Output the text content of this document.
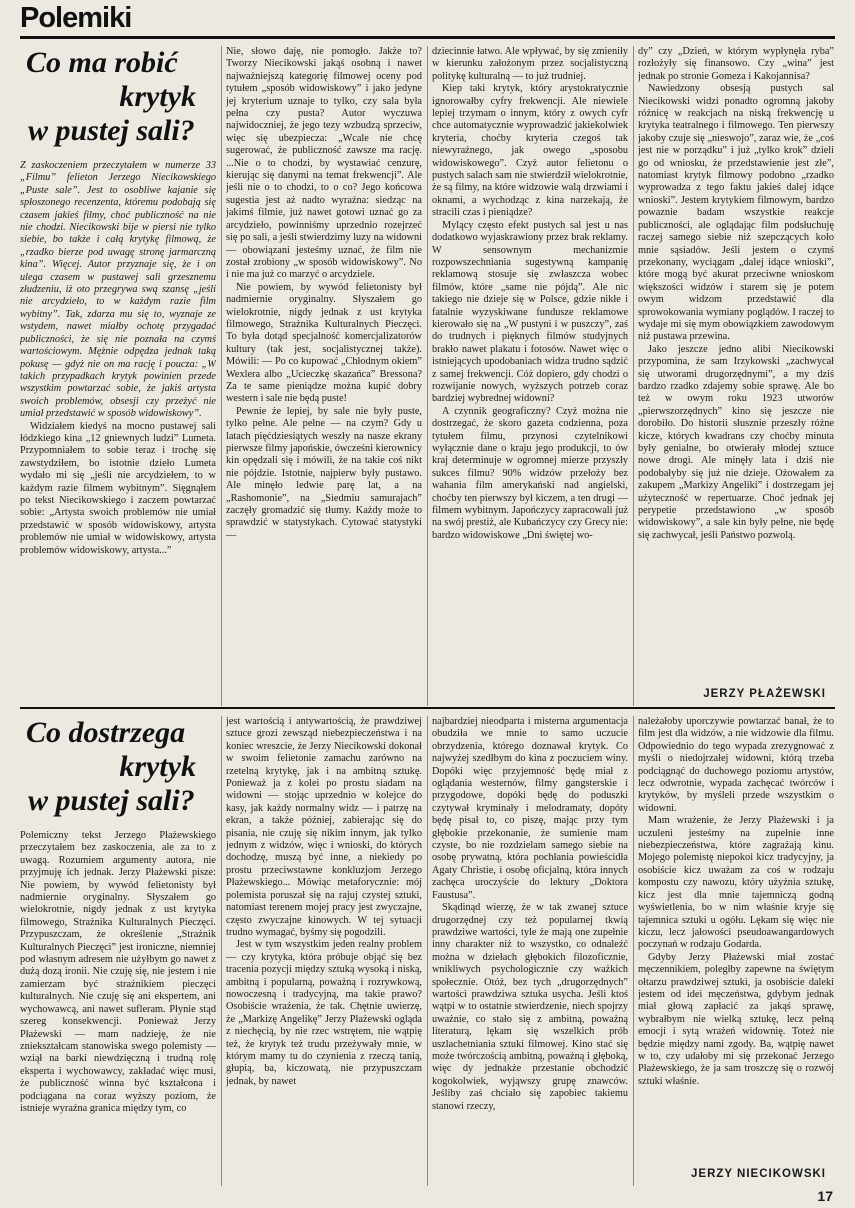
Polemiki
Co ma robić
krytyk
w pustej sali?

Z zaskoczeniem przeczytałem w numerze 33 „Filmu” felieton Jerzego Niecikowskiego „Puste sale”. Jest to osobliwe kajanie się spłoszonego recenzenta, któremu podobają się czasem jakieś filmy, choć publiczność na nie nie chodzi. Niecikowski bije w piersi nie tylko siebie, bo także i całą krytykę filmową, że „rzadko bierze pod uwagę stronę jarmarczną kina”. Więcej. Autor przyznaje się, że i on ulega czasem w pustawej sali grzesznemu złudzeniu, iż oto przegrywa swą szansę „jeśli nie arcydzieło, to w każdym razie film wybitny”. Tak, zdarza mu się to, wyznaje ze wstydem, nawet miałby ochotę przygadać publiczności, że się nie poznała na czymś wartościowym. Mężnie odpędza jednak taką pokusę — gdyż nie on ma rację i poucza: „W takich przypadkach krytyk powinien przede wszystkim powtarzać sobie, że jakiś artysta swoich problemów, obsesji czy przeżyć nie umiał przedstawić w sposób widowiskowy”.

Widziałem kiedyś na mocno pustawej sali łódzkiego kina „12 gniewnych ludzi” Lumeta. Przypomniałem to sobie teraz i trochę się zawstydziłem, bo istotnie dzieło Lumeta wydało mi się „jeśli nie arcydziełem, to w każdym razie filmem wybitnym”. Sięgnąłem po tekst Niecikowskiego i zaczem powtarzać sobie: „Artysta swoich problemów nie umiał przedstawić w sposób widowiskowy, artysta problemów nie umiał w widowiskowy, artysta problemów widowiskowy, artysta...”

Nie, słowo daję, nie pomogło. Jakże to? Tworzy Niecikowski jakąś osobną i nawet najważniejszą kategorię filmowej oceny pod tytułem „sposób widowiskowy” i jako jedyne jej kryterium uznaje to tylko, czy sala była pełna czy pusta? Autor wyczuwa najwidoczniej, że jego tezy wzbudzą sprzeciw, więc się ubezpiecza: „Wcale nie chcę sugerować, że publiczność zawsze ma rację. ...Nie o to chodzi, by wystawiać cenzurę, kierując się danymi na temat frekwencji”. Ale jeśli nie o to chodzi, to o co? Jego końcowa sugestia jest aż nadto wyraźna: siedząc na jakimś filmie, już nawet gotowi uznać go za arcydzieło, powinniśmy uprzednio rozejrzeć się po sali, a jeśli stwierdzimy luzy na widowni — obowiązani jesteśmy uznać, że film nie został zrobiony „w sposób widowiskowy”. No i nie ma już co marzyć o arcydziele.

Nie powiem, by wywód felietonisty był nadmiernie oryginalny. Słyszałem go wielokrotnie, nigdy jednak z ust krytyka filmowego, Strażnika Kulturalnych Pieczęci. To była dotąd specjalność komercjalizatorów kultury (tak jest, socjalistycznej także). Mówili: — Po co kupować „Chłodnym okiem” Wexlera albo „Ucieczkę skazańca” Bressona? Za te same pieniądze można kupić dobry western i sale nie będą puste!

Pewnie że lepiej, by sale nie były puste, tylko pełne. Ale pełne — na czym? Gdy u latach pięćdziesiątych weszły na nasze ekrany pierwsze filmy japońskie, ówcześni kierownicy kin opędzali się i mówili, że na takie coś nikt nie pójdzie. Istotnie, najpierw były pustawo. Ale minęło ledwie parę lat, a na „Rashomonie”, na „Siedmiu samurajach” zaczęły gromadzić się tłumy. Każdy może to sprawdzić w statystykach. Cytować statystyki —

dziecinnie łatwo. Ale wpływać, by się zmieniły w kierunku założonym przez socjalistyczną politykę kulturalną — to już trudniej.

Kiep taki krytyk, który arystokratycznie ignorowałby cyfry frekwencji. Ale niewiele lepiej trzymam o innym, który z owych cyfr chce automatycznie wyprowadzić jakiekolwiek kryteria, choćby kryteria czegoś tak niewyraźnego, jak owego „sposobu widowiskowego”. Czyż autor felietonu o pustych salach sam nie stwierdził wielokrotnie, że są filmy, na które widzowie walą drzwiami i oknami, a wychodząc z kina narzekają, że stracili czas i pieniądze?

Mylący często efekt pustych sal jest u nas dodatkowo wyjaskrawiony przez brak reklamy. W sensownym mechanizmie rozpowszechniania sugestywną kampanię reklamową stosuje się zwłaszcza wobec filmów, które „same nie pójdą”. Ale nic takiego nie dzieje się w Polsce, gdzie nikłe i fatalnie wyzyskiwane fundusze reklamowe kierowało się na „W pustyni i w puszczy”, zaś do trudnych i pięknych filmów studyjnych brakło nawet plakatu i fotosów. Nawet więc o istniejących upodobaniach widza trudno sądzić z samej frekwencji. Cóż dopiero, gdy chodzi o rozwijanie nowych, wyższych potrzeb coraz bardziej wybrednej widowni?

A czynnik geograficzny? Czyż można nie dostrzegać, że skoro gazeta codzienna, poza tytułem filmu, przynosi czytelnikowi wyłącznie dane o kraju jego produkcji, to ów kraj determinuje w ogromnej mierze przyszły sukces filmu? 90% widzów przełoży bez wahania film amerykański nad angielski, choćby ten pierwszy był kiczem, a ten drugi — filmem wybitnym. Japończycy zapracowali już na swój prestiż, ale Kubańczycy czy Grecy nie: bardzo widowiskowe „Dni świętej wo-

dy” czy „Dzień, w którym wypłynęła ryba” rozłożyły się finansowo. Czy „wina” jest jednak po stronie Gomeza i Kakojannisa?

Nawiedzony obsesją pustych sal Niecikowski widzi ponadto ogromną jakoby różnicę w reakcjach na niską frekwencję u krytyka teatralnego i filmowego. Ten pierwszy jakoby czuje się „nieswojo”, zaraz wie, że „coś jest nie w porządku” i już „tylko krok” dzieli go od wniosku, że przedstawienie jest złe”, natomiast krytyk filmowy podobno „rzadko wyprowadza z tego faktu jakieś dalej idące wnioski”. Jestem krytykiem filmowym, bardzo powaznie badam wszystkie reakcje publiczności, ale oglądając film podsłuchuję raczej samego siebie niż szepczących koło mnie sąsiadów. Jeśli jestem o czymś przekonany, wyciągam „dalej idące wnioski”, które mogą być akurat przeciwne wnioskom większości widzów i starem się je potem owym widzom przedstawić dla sprowokowania wymiany poglądów. I raczej to wydaje mi się mym obowiązkiem zawodowym niż pustawa przewina.

Jako jeszcze jedno alibi Niecikowski przypomina, że sam Irzykowski „zachwycał się utworami drugorzędnymi”, a my dziś bardzo rzadko zdajemy sobie sprawę. Ale bo też w owym roku 1923 utworów „pierwszorzędnych” kino się jeszcze nie dorobiło. Do historii słusznie przeszły różne kicze, których kwadrans czy choćby minuta były genialne, bo otwierały młodej sztuce nowe drogi. Ale minęły lata i dziś nie podobałyby się już nie dzieje. Ożowałem za zakupem „Markizy Angeliki” i dostrzegam jej użyteczność w repertuarze. Choć jednak jej perypetie przedstawiono „w sposób widowiskowy”, a sale kin były pełne, nie będę się zachwycał, jeśli Państwo pozwolą.

JERZY PŁAŻEWSKI
Co dostrzega
krytyk
w pustej sali?

Polemiczny tekst Jerzego Płażewskiego przeczytałem bez zaskoczenia, ale za to z uwagą. Rozumiem argumenty autora, nie przyjmuję ich jednak. Jerzy Płażewski pisze: Nie powiem, by wywód felietonisty był nadmiernie oryginalny. Słyszałem go wielokrotnie, nigdy jednak z ust krytyka filmowego, Strażnika Kulturalnych Pieczęci. Przypuszczam, że określenie „Strażnik Kulturalnych Pieczęci” jest ironiczne, niemniej pod własnym adresem nie użyłbym go nawet z dużą dozą ironii. Nie czuję się, nie jestem i nie zamierzam być strażnikiem pieczęci kulturalnych. Nie czuję się ani ekspertem, ani wychowawcą, ani nawet sufleram. Płynie stąd szereg konsekwencji. Ponieważ Jerzy Płażewski — mam nadzieję, że nie zniekształcam stanowiska swego polemisty — wziął na barki niewdzięczną i trudną rolę eksperta i wychowawcy, zakładać więc musi, że publiczność winna być kształcona i podciągana na coraz wyższy poziom, że istnieje wyraźna granica między tym, co

jest wartością i antywartością, że prawdziwej sztuce grozi zewsząd niebezpieczeństwa i na koniec wreszcie, że Jerzy Niecikowski dokonał w swoim felietonie zamachu zarówno na rzetelną krytykę, jak i na ambitną sztukę. Ponieważ ja z kolei po prostu siadam na widowni — stojąc uprzednio w kolejce do kasy, jak każdy normalny widz — i patrzę na ekran, a także później, zabierając się do pisania, nie czuję się nikim innym, jak tylko jednym z widzów, więc i wnioski, do których dochodzę, muszą być inne, a niekiedy po prostu przeciwstawne konkluzjom Jerzego Płażewskiego... Mówiąc metaforycznie: mój polemista poruszał się na rajuj czystej sztuki, natomiast terenem mojej pracy jest zwyczajne, często zwyczajne kinowych. W tej sytuacji trudno wymagać, byśmy się pogodzili.

Jest w tym wszystkim jeden realny problem — czy krytyka, która próbuje objąć się bez tracenia pozycji między sztuką wysoką i niską, ambitną i popularną, poważną i rozrywkową, nowoczesną i tradycyjną, ma takie prawo? Osobiście wrażenia, że tak. Chętnie uwierzę, że „Markizę Angelikę” Jerzy Płażewski ogląda z niechęcią, by nie rzec wstrętem, nie wątpię też, że krytyk też trudu przeżywały mnie, w którym mamy tu do czynienia z rzeczą tanią, głupią, ba, kiczowatą, nie przypuszczam jednak, by nawet

najbardziej nieodparta i misterna argumentacja obudziła we mnie to samo uczucie obrzydzenia, którego doznawał krytyk. Co najwyżej szedłbym do kina z poczuciem winy. Dopóki więc przyjemność będę miał z oglądania westernów, filmy gangsterskie i przygodowe, dopóki będę do poduszki czytywał kryminały i melodramaty, dopóty będę pisał to, co piszę, mając przy tym głębokie przekonanie, że sumienie mam czyste, bo nie rozdzielam samego siebie na osobę prywatną, która pochłania powieścidła Agaty Christie, i osobę oficjalną, która innych zachęca uroczyście do lektury „Doktora Faustusa”.

Skądinąd wierzę, że w tak zwanej sztuce drugorzędnej czy też popularnej tkwią prawdziwe wartości, tyle że mają one zupełnie inny charakter niż to wszystko, co odnaleźć można w dziełach głębokich filozoficznie, wnikliwych psychologicznie czy ważkich społecznie. Otóż, bez tych „drugorzędnych” wartości prawdziwa sztuka usycha. Jeśli ktoś wątpi w to ostatnie stwierdzenie, niech spojrzy uważnie, co stało się z ambitną, poważną literaturą, lękam się wszelkich prób uszlachetniania sztuki filmowej. Kino stać się może twórczością ambitną, poważną i głęboką, więc dy jednakże przestanie obchodzić kogokolwiek, wyjąwszy grupę znawców. Jeśliby zaś chciało się zapobiec takiemu stanowi rzeczy,

należałoby uporczywie powtarzać banał, że to film jest dla widzów, a nie widzowie dla filmu. Odpowiednio do tego wypada zrezygnować z myśli o niedojrzałej widowni, którą trzeba podciągnąć do duchowego poziomu artystów, lecz odwrotnie, wypada zachęcać twórców i krytyków, by myśleli przede wszystkim o widowni.

Mam wrażenie, że Jerzy Płażewski i ja uczuleni jesteśmy na zupełnie inne niebezpieczeństwa, które zagrażają kinu. Mojego polemistę niepokoi kicz tradycyjny, ja osobiście kicz uważam za coś w rodzaju kompostu czy nawozu, który użyźnia sztukę, kicz jest dla mnie tajemniczą godną wyświetlenia, bo w nim właśnie kryje się tajemnica sztuki u ogółu. Lękam się więc nie kiczu, lecz jałowości pseudoawangardowych poczynań w rodzaju Godarda.

Gdyby Jerzy Płażewski miał zostać męczennikiem, poległby zapewne na świętym ołtarzu prawdziwej sztuki, ja osobiście daleki jestem od idei męczeństwa, gdybym jednak miał głową zapłacić za jakąś sprawę, wybrałbym nie wielką sztukę, lecz pełną emocji i sytą wrażeń widownię. Toteż nie będzie między nami zgody. Ba, wątpię nawet w to, czy udałoby mi się przekonać Jerzego Płażewskiego, że ja sam troszczę się o rozwój sztuki właśnie.

JERZY NIECIKOWSKI
17
